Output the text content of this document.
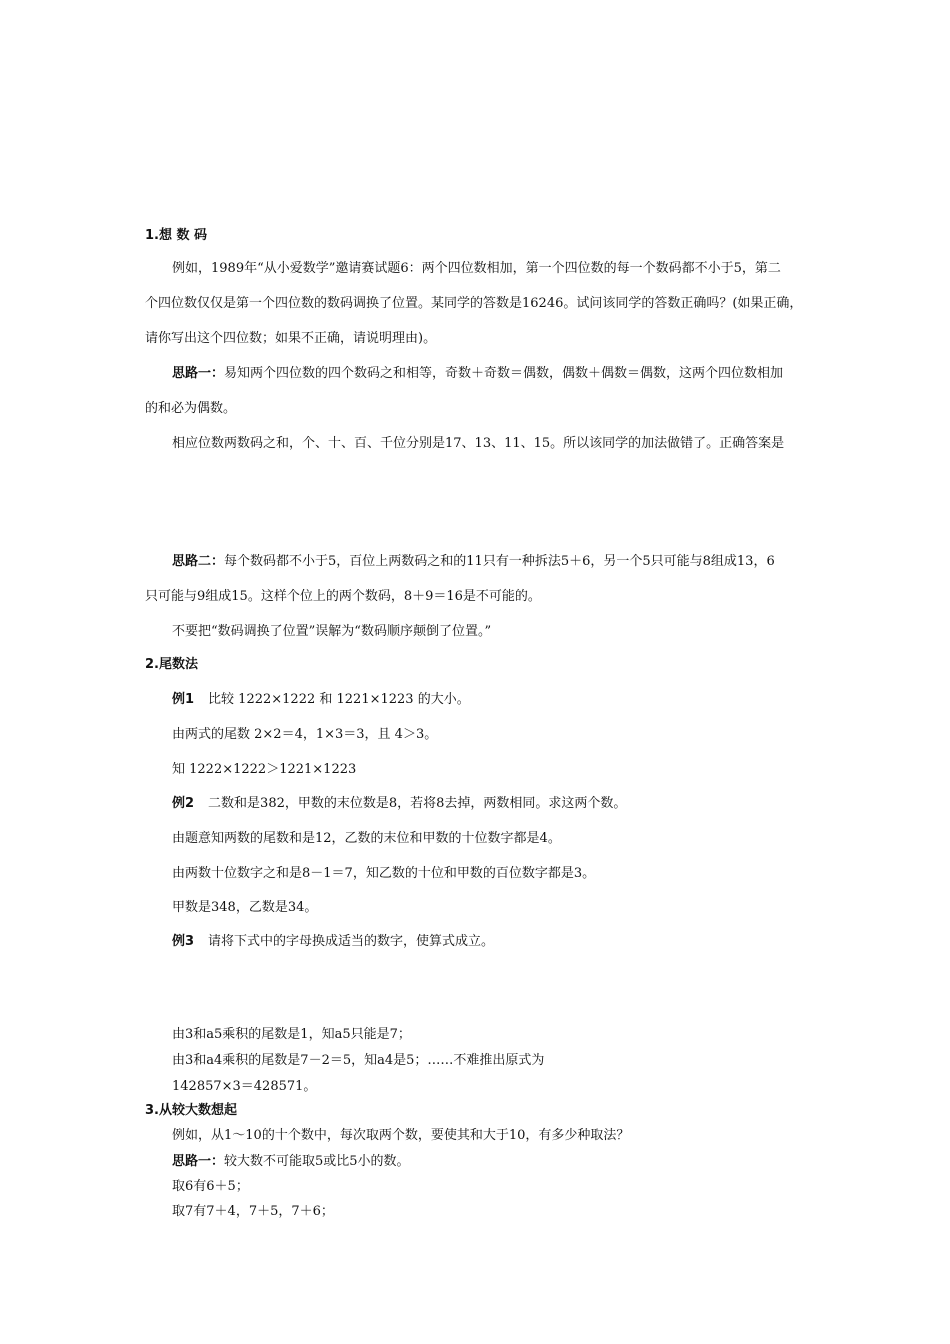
1.想 数 码
例如，1989年“从小爱数学”邀请赛试题6：两个四位数相加，第一个四位数的每一个数码都不小于5，第二
个四位数仅仅是第一个四位数的数码调换了位置。某同学的答数是16246。试问该同学的答数正确吗？(如果正确，
请你写出这个四位数；如果不正确，请说明理由)。
思路一：易知两个四位数的四个数码之和相等，奇数＋奇数＝偶数，偶数＋偶数＝偶数，这两个四位数相加
的和必为偶数。
相应位数两数码之和，个、十、百、千位分别是17、13、11、15。所以该同学的加法做错了。正确答案是
思路二：每个数码都不小于5，百位上两数码之和的11只有一种拆法5＋6，另一个5只可能与8组成13，6
只可能与9组成15。这样个位上的两个数码，8＋9＝16是不可能的。
不要把“数码调换了位置”误解为“数码顺序颠倒了位置。”
2.尾数法
例1 比较 1222×1222 和 1221×1223 的大小。
由两式的尾数 2×2＝4，1×3＝3，且 4＞3。
知 1222×1222＞1221×1223
例2 二数和是382，甲数的末位数是8，若将8去掉，两数相同。求这两个数。
由题意知两数的尾数和是12，乙数的末位和甲数的十位数字都是4。
由两数十位数字之和是8－1＝7，知乙数的十位和甲数的百位数字都是3。
甲数是348，乙数是34。
例3 请将下式中的字母换成适当的数字，使算式成立。
由3和a5乘积的尾数是1，知a5只能是7；
由3和a4乘积的尾数是7－2＝5，知a4是5；……不难推出原式为
142857×3＝428571。
3.从较大数想起
例如，从1～10的十个数中，每次取两个数，要使其和大于10，有多少种取法？
思路一：较大数不可能取5或比5小的数。
取6有6＋5；
取7有7＋4，7＋5，7＋6；
